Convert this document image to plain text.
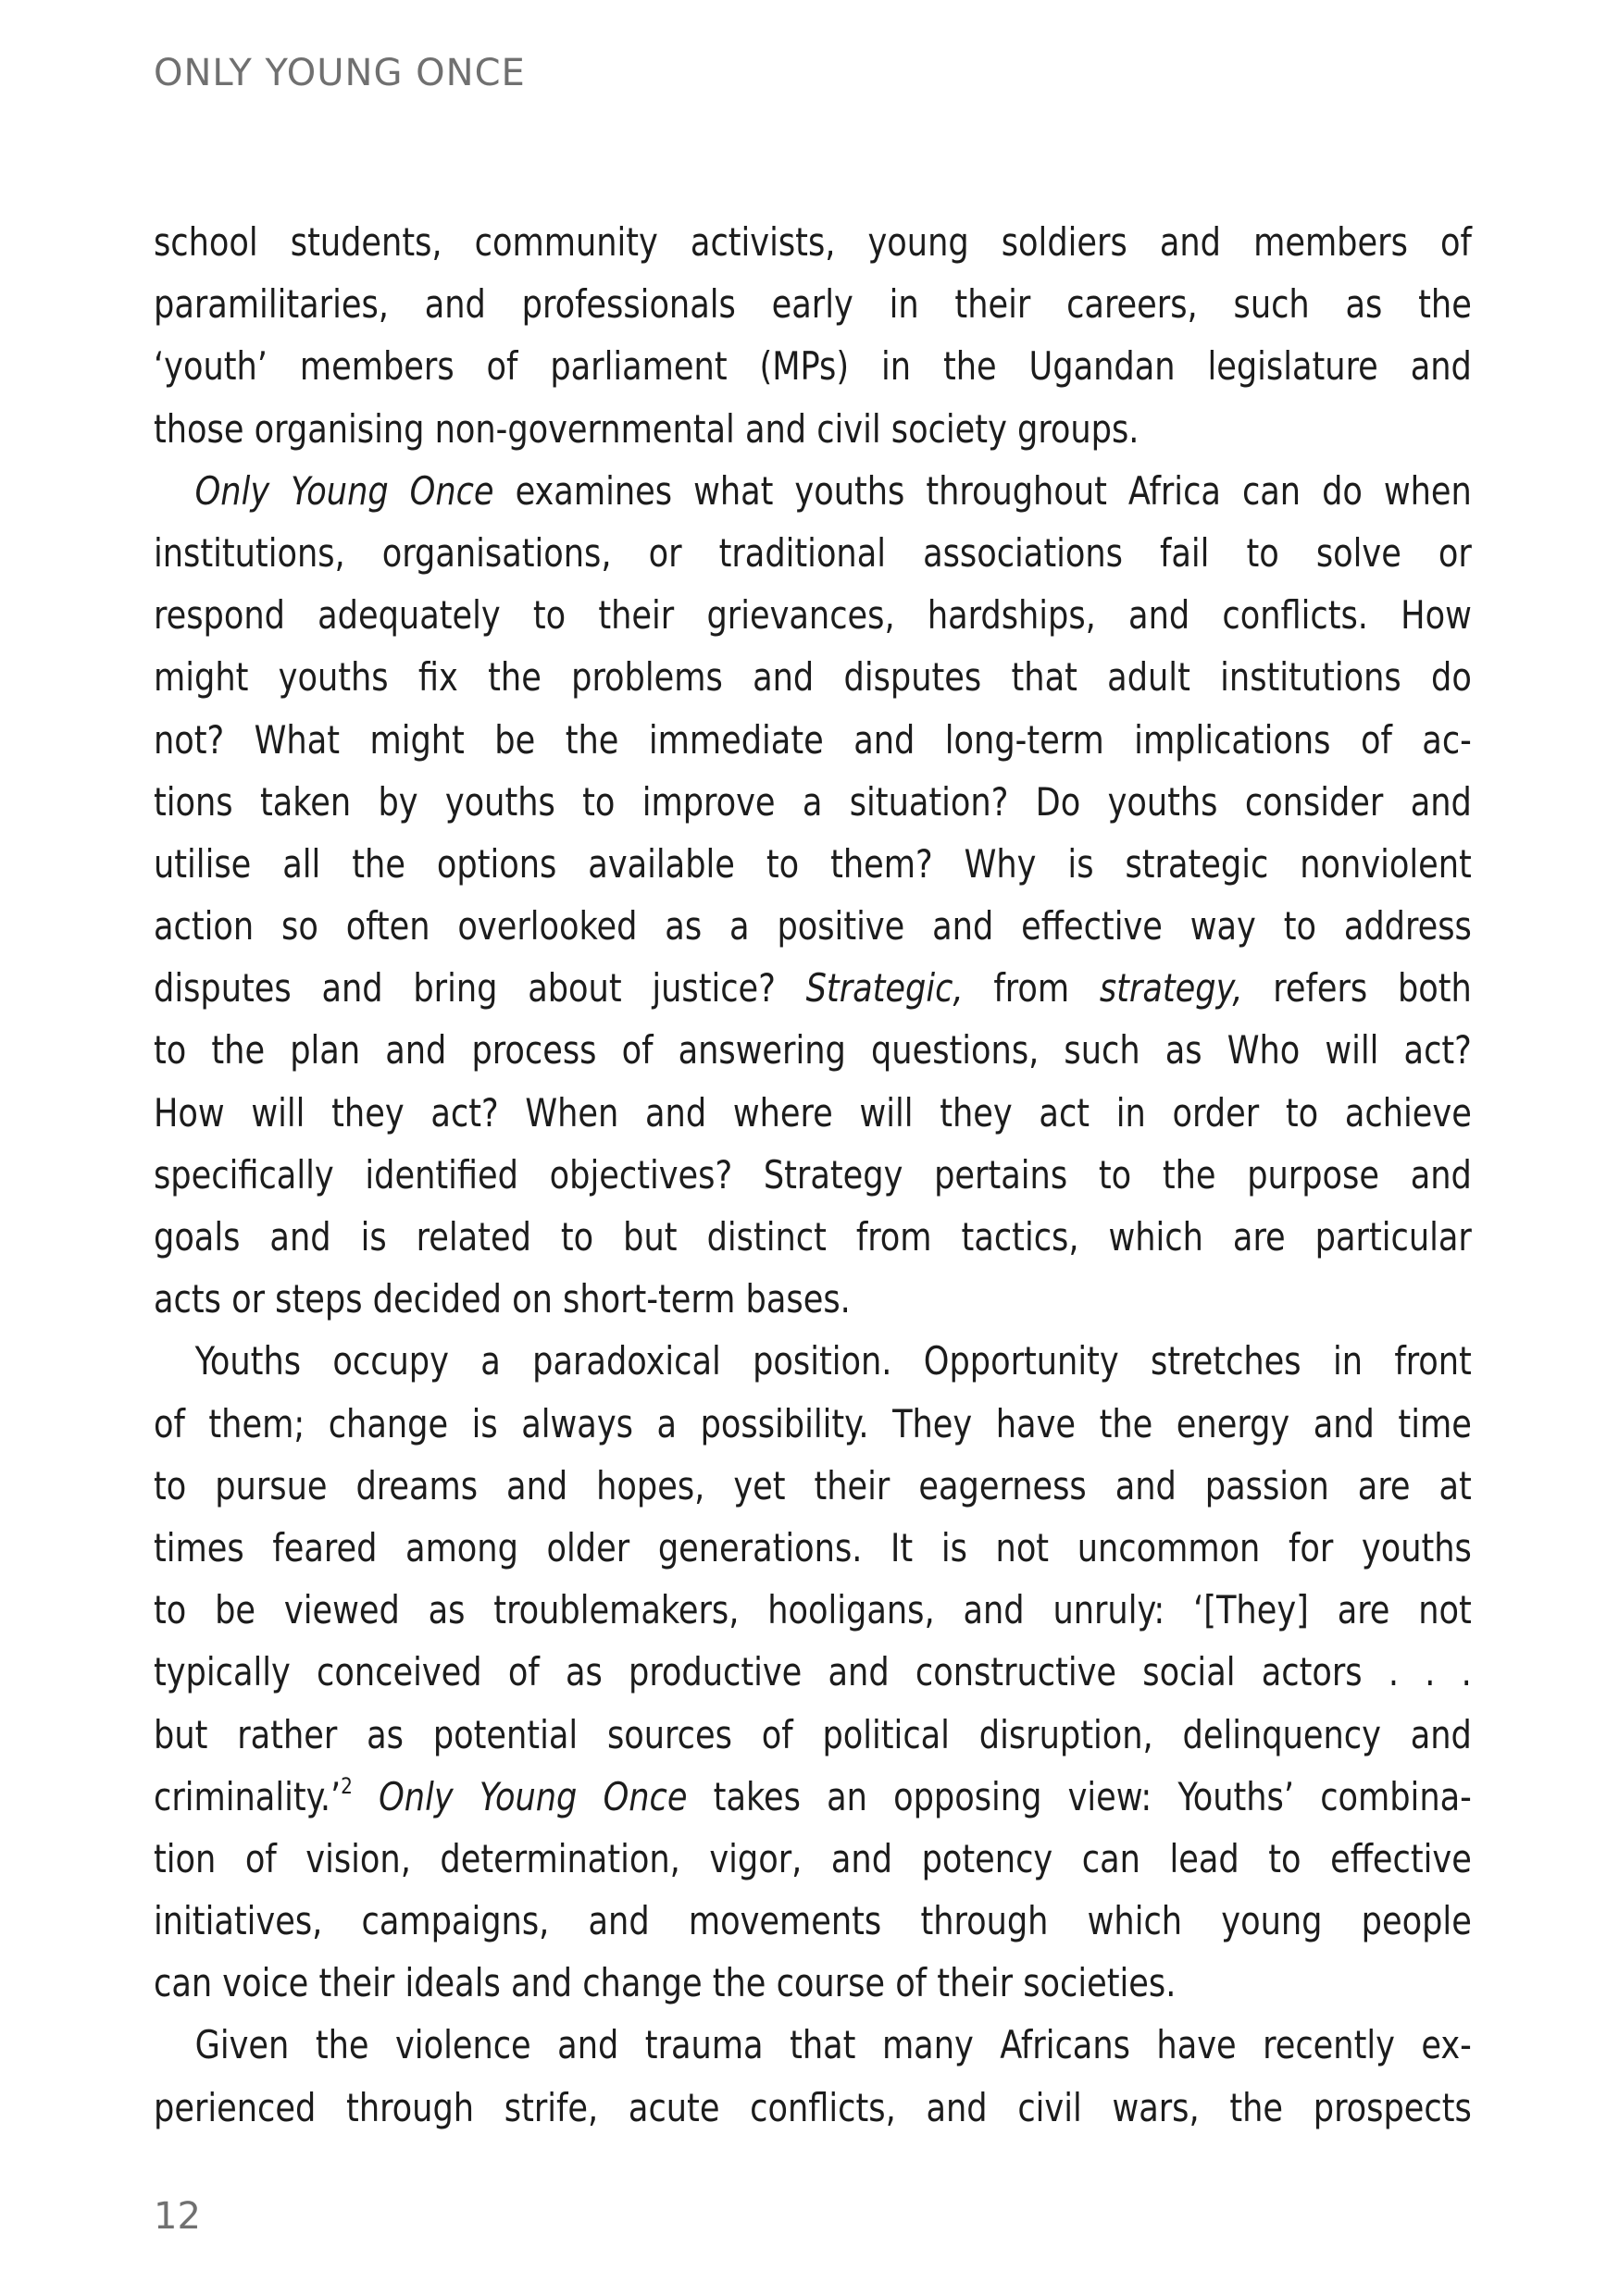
ONLY YOUNG ONCE
school students, community activists, young soldiers and members of
paramilitaries, and professionals early in their careers, such as the
‘youth’ members of parliament (MPs) in the Ugandan legislature and
those organising non-governmental and civil society groups.
Only Young Once examines what youths throughout Africa can do when
institutions, organisations, or traditional associations fail to solve or
respond adequately to their grievances, hardships, and conflicts. How
might youths fix the problems and disputes that adult institutions do
not? What might be the immediate and long-term implications of ac-
tions taken by youths to improve a situation? Do youths consider and
utilise all the options available to them? Why is strategic nonviolent
action so often overlooked as a positive and effective way to address
disputes and bring about justice? Strategic, from strategy, refers both
to the plan and process of answering questions, such as Who will act?
How will they act? When and where will they act in order to achieve
specifically identified objectives? Strategy pertains to the purpose and
goals and is related to but distinct from tactics, which are particular
acts or steps decided on short-term bases.
Youths occupy a paradoxical position. Opportunity stretches in front
of them; change is always a possibility. They have the energy and time
to pursue dreams and hopes, yet their eagerness and passion are at
times feared among older generations. It is not uncommon for youths
to be viewed as troublemakers, hooligans, and unruly: ‘[They] are not
typically conceived of as productive and constructive social actors . . .
but rather as potential sources of political disruption, delinquency and
criminality.’$^2$ Only Young Once takes an opposing view: Youths’ combina-
tion of vision, determination, vigor, and potency can lead to effective
initiatives, campaigns, and movements through which young people
can voice their ideals and change the course of their societies.
Given the violence and trauma that many Africans have recently ex-
perienced through strife, acute conflicts, and civil wars, the prospects
12
